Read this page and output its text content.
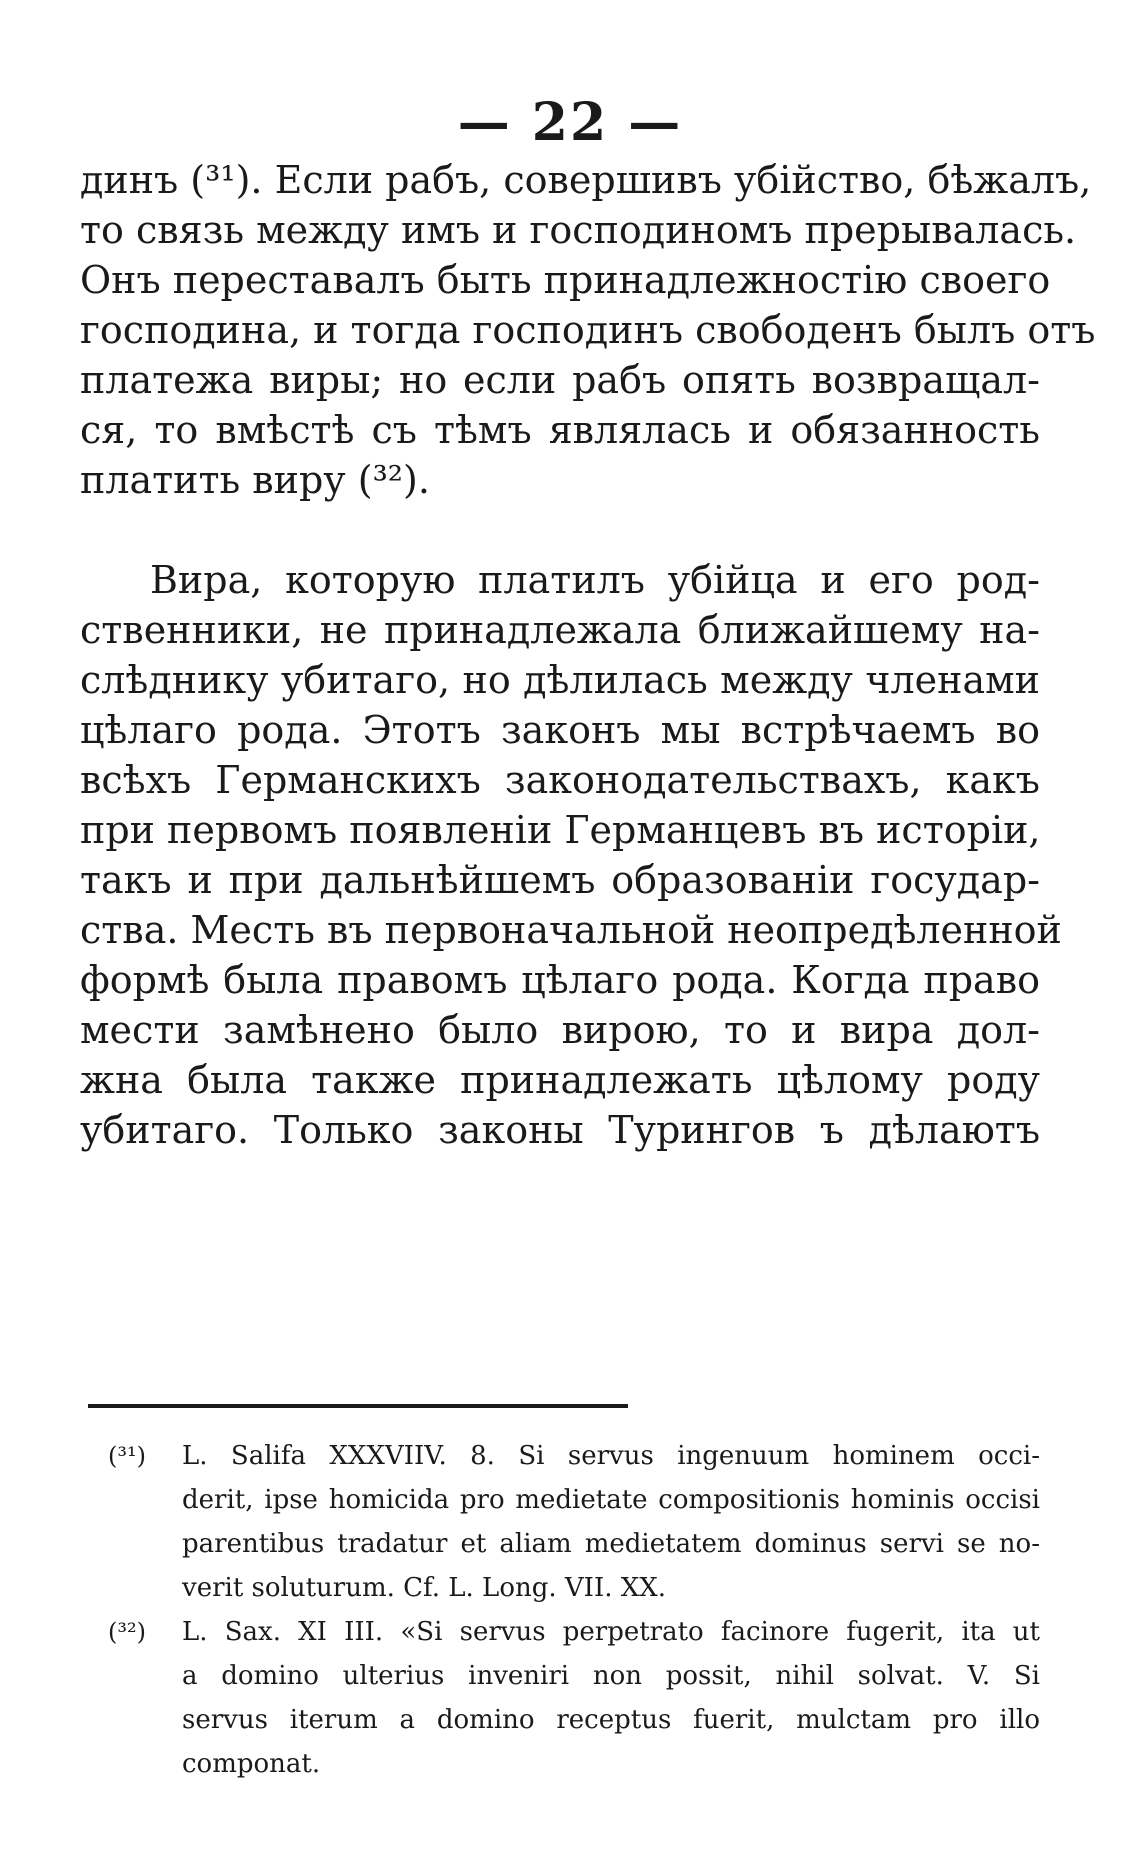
— 22 —
динъ (³¹). Если рабъ, совершивъ убійство, бѣжалъ,
то связь между имъ и господиномъ прерывалась.
Онъ переставалъ быть принадлежностію своего
господина, и тогда господинъ свободенъ былъ отъ
платежа виры; но если рабъ опять возвращал-
ся, то вмѣстѣ съ тѣмъ являлась и обязанность
платить виру (³²).
Вира, которую платилъ убійца и его род-
ственники, не принадлежала ближайшему на-
слѣднику убитаго, но дѣлилась между членами
цѣлаго рода. Этотъ законъ мы встрѣчаемъ во
всѣхъ Германскихъ законодательствахъ, какъ
при первомъ появленіи Германцевъ въ исторіи,
такъ и при дальнѣйшемъ образованіи государ-
ства. Месть въ первоначальной неопредѣленной
формѣ была правомъ цѣлаго рода. Когда право
мести замѣнено было вирою, то и вира дол-
жна была также принадлежать цѣлому роду
убитаго. Только законы Турингов ъ дѣлаютъ
(³¹) L. Salifa XXXVIIV. 8. Si servus ingenuum hominem occi-
derit, ipse homicida pro medietate compositionis hominis occisi
parentibus tradatur et aliam medietatem dominus servi se no-
verit soluturum. Cf. L. Long. VII. XX.
(³²) L. Sax. XI III. «Si servus perpetrato facinore fugerit, ita ut
a domino ulterius inveniri non possit, nihil solvat. V. Si
servus iterum a domino receptus fuerit, mulctam pro illo
componat.
